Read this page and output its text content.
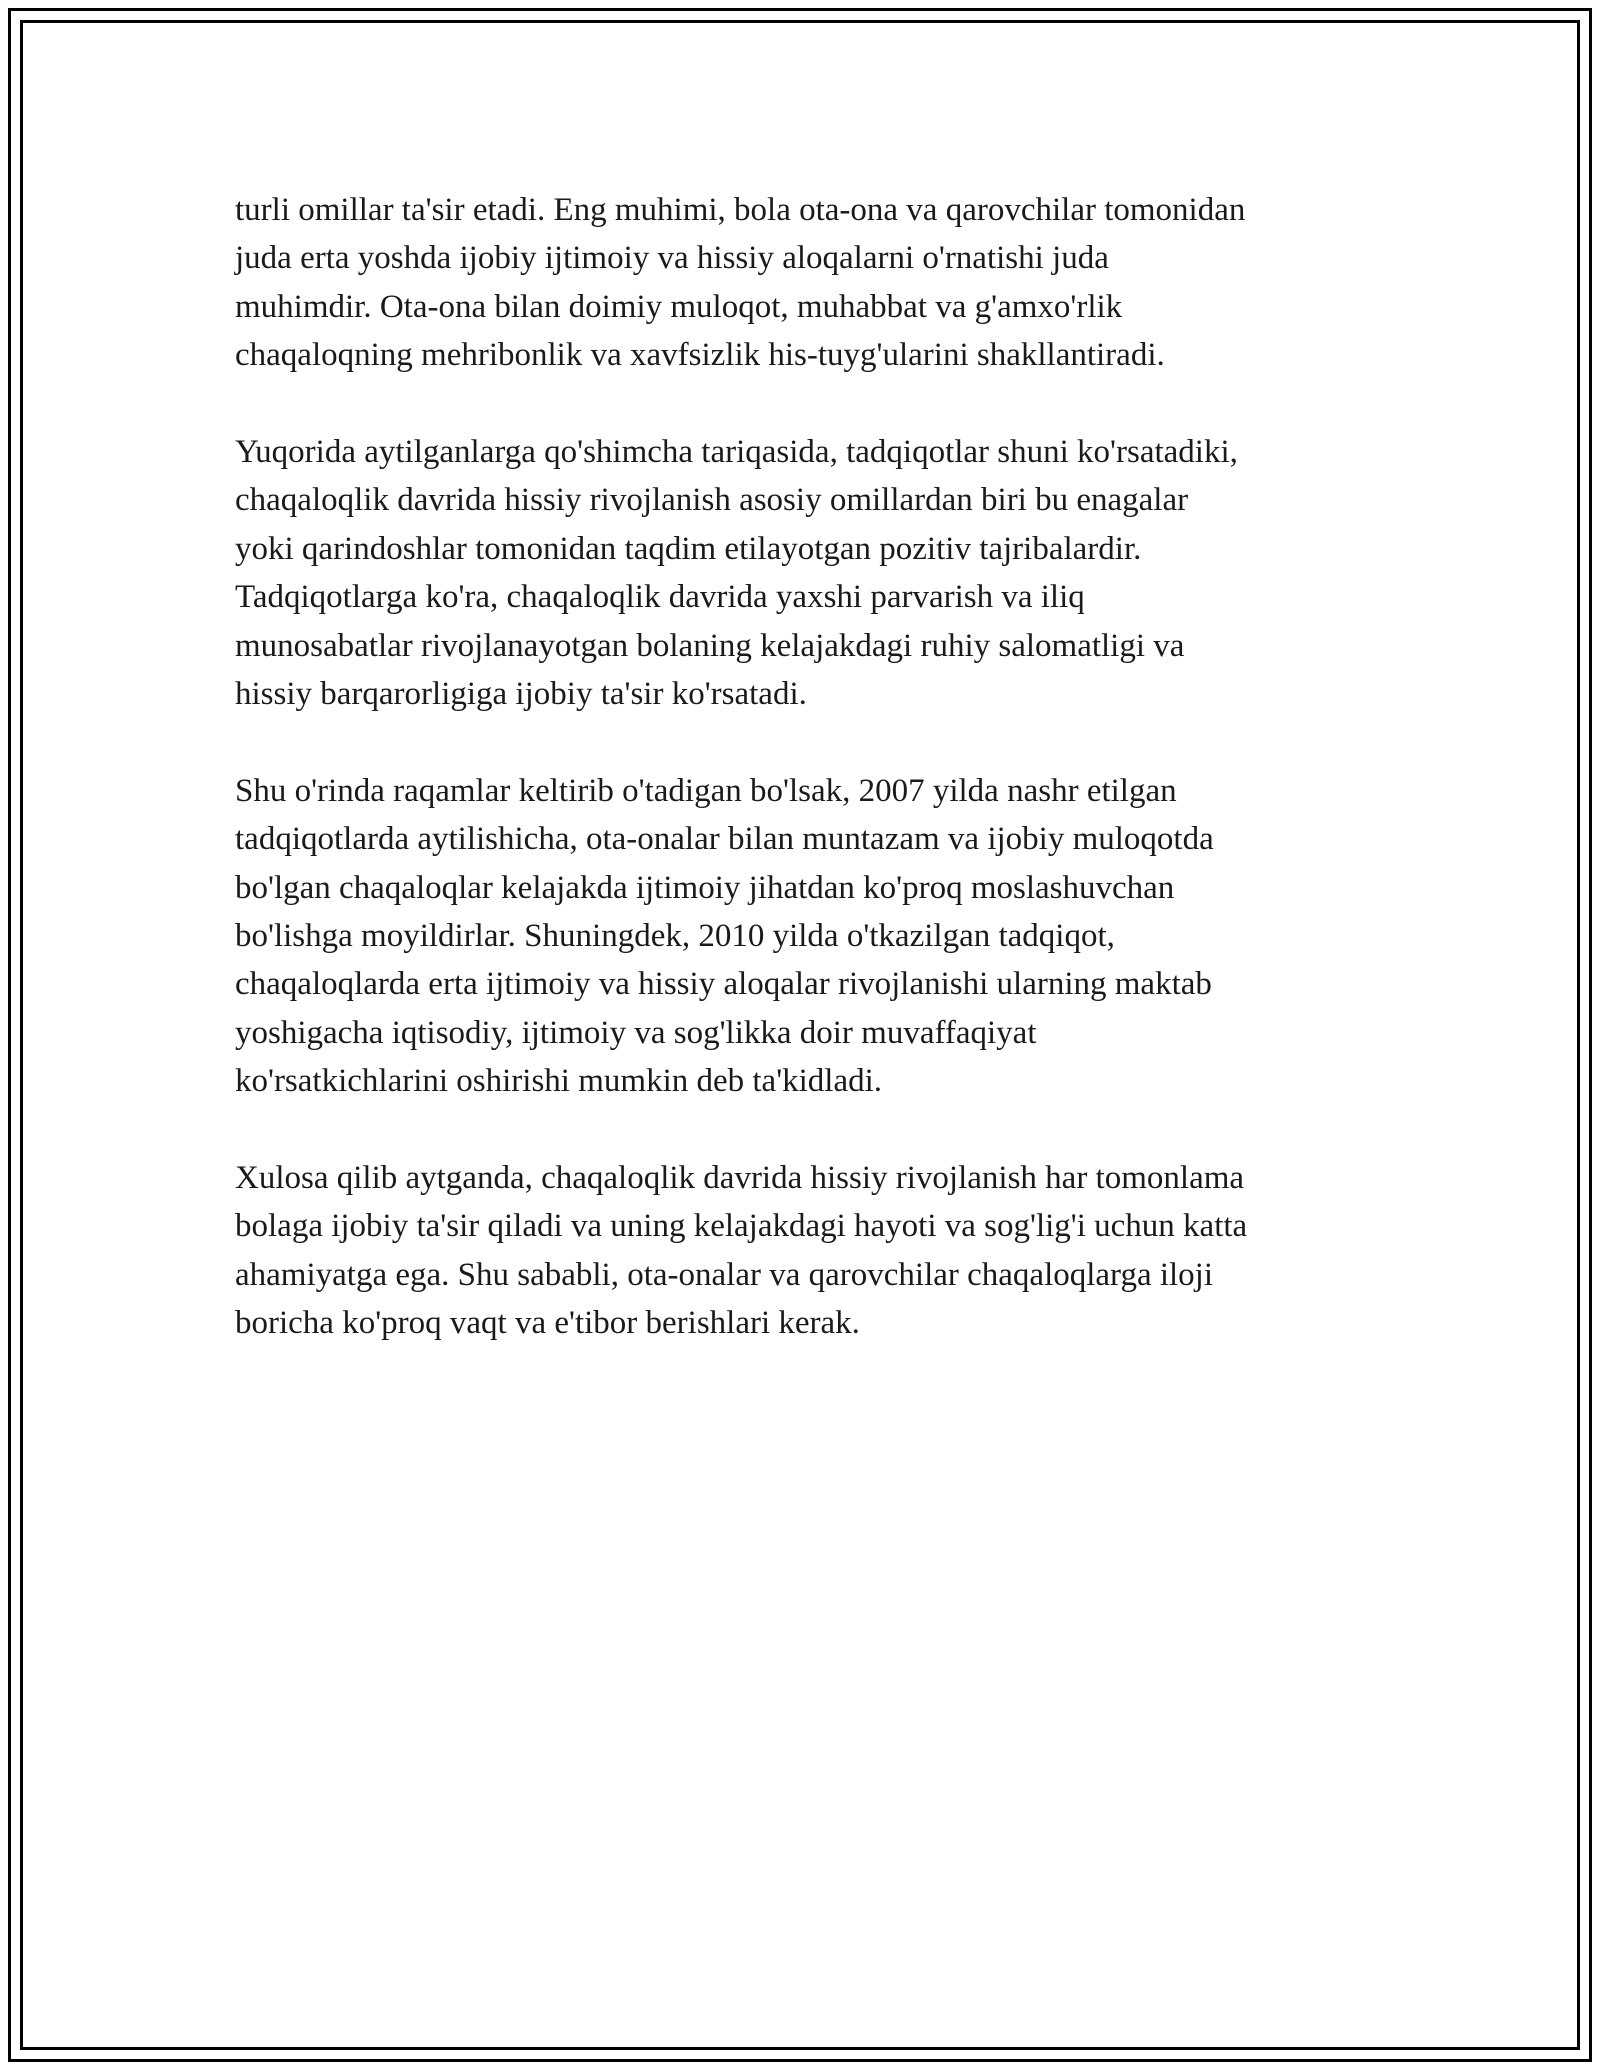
turli omillar ta'sir etadi. Eng muhimi, bola ota-ona va qarovchilar tomonidan
juda erta yoshda ijobiy ijtimoiy va hissiy aloqalarni o'rnatishi juda
muhimdir. Ota-ona bilan doimiy muloqot, muhabbat va g'amxo'rlik
chaqaloqning mehribonlik va xavfsizlik his-tuyg'ularini shakllantiradi.

Yuqorida aytilganlarga qo'shimcha tariqasida, tadqiqotlar shuni ko'rsatadiki,
chaqaloqlik davrida hissiy rivojlanish asosiy omillardan biri bu enagalar
yoki qarindoshlar tomonidan taqdim etilayotgan pozitiv tajribalardir.
Tadqiqotlarga ko'ra, chaqaloqlik davrida yaxshi parvarish va iliq
munosabatlar rivojlanayotgan bolaning kelajakdagi ruhiy salomatligi va
hissiy barqarorligiga ijobiy ta'sir ko'rsatadi.

Shu o'rinda raqamlar keltirib o'tadigan bo'lsak, 2007 yilda nashr etilgan
tadqiqotlarda aytilishicha, ota-onalar bilan muntazam va ijobiy muloqotda
bo'lgan chaqaloqlar kelajakda ijtimoiy jihatdan ko'proq moslashuvchan
bo'lishga moyildirlar. Shuningdek, 2010 yilda o'tkazilgan tadqiqot,
chaqaloqlarda erta ijtimoiy va hissiy aloqalar rivojlanishi ularning maktab
yoshigacha iqtisodiy, ijtimoiy va sog'likka doir muvaffaqiyat
ko'rsatkichlarini oshirishi mumkin deb ta'kidladi.

Xulosa qilib aytganda, chaqaloqlik davrida hissiy rivojlanish har tomonlama
bolaga ijobiy ta'sir qiladi va uning kelajakdagi hayoti va sog'lig'i uchun katta
ahamiyatga ega. Shu sababli, ota-onalar va qarovchilar chaqaloqlarga iloji
boricha ko'proq vaqt va e'tibor berishlari kerak.
